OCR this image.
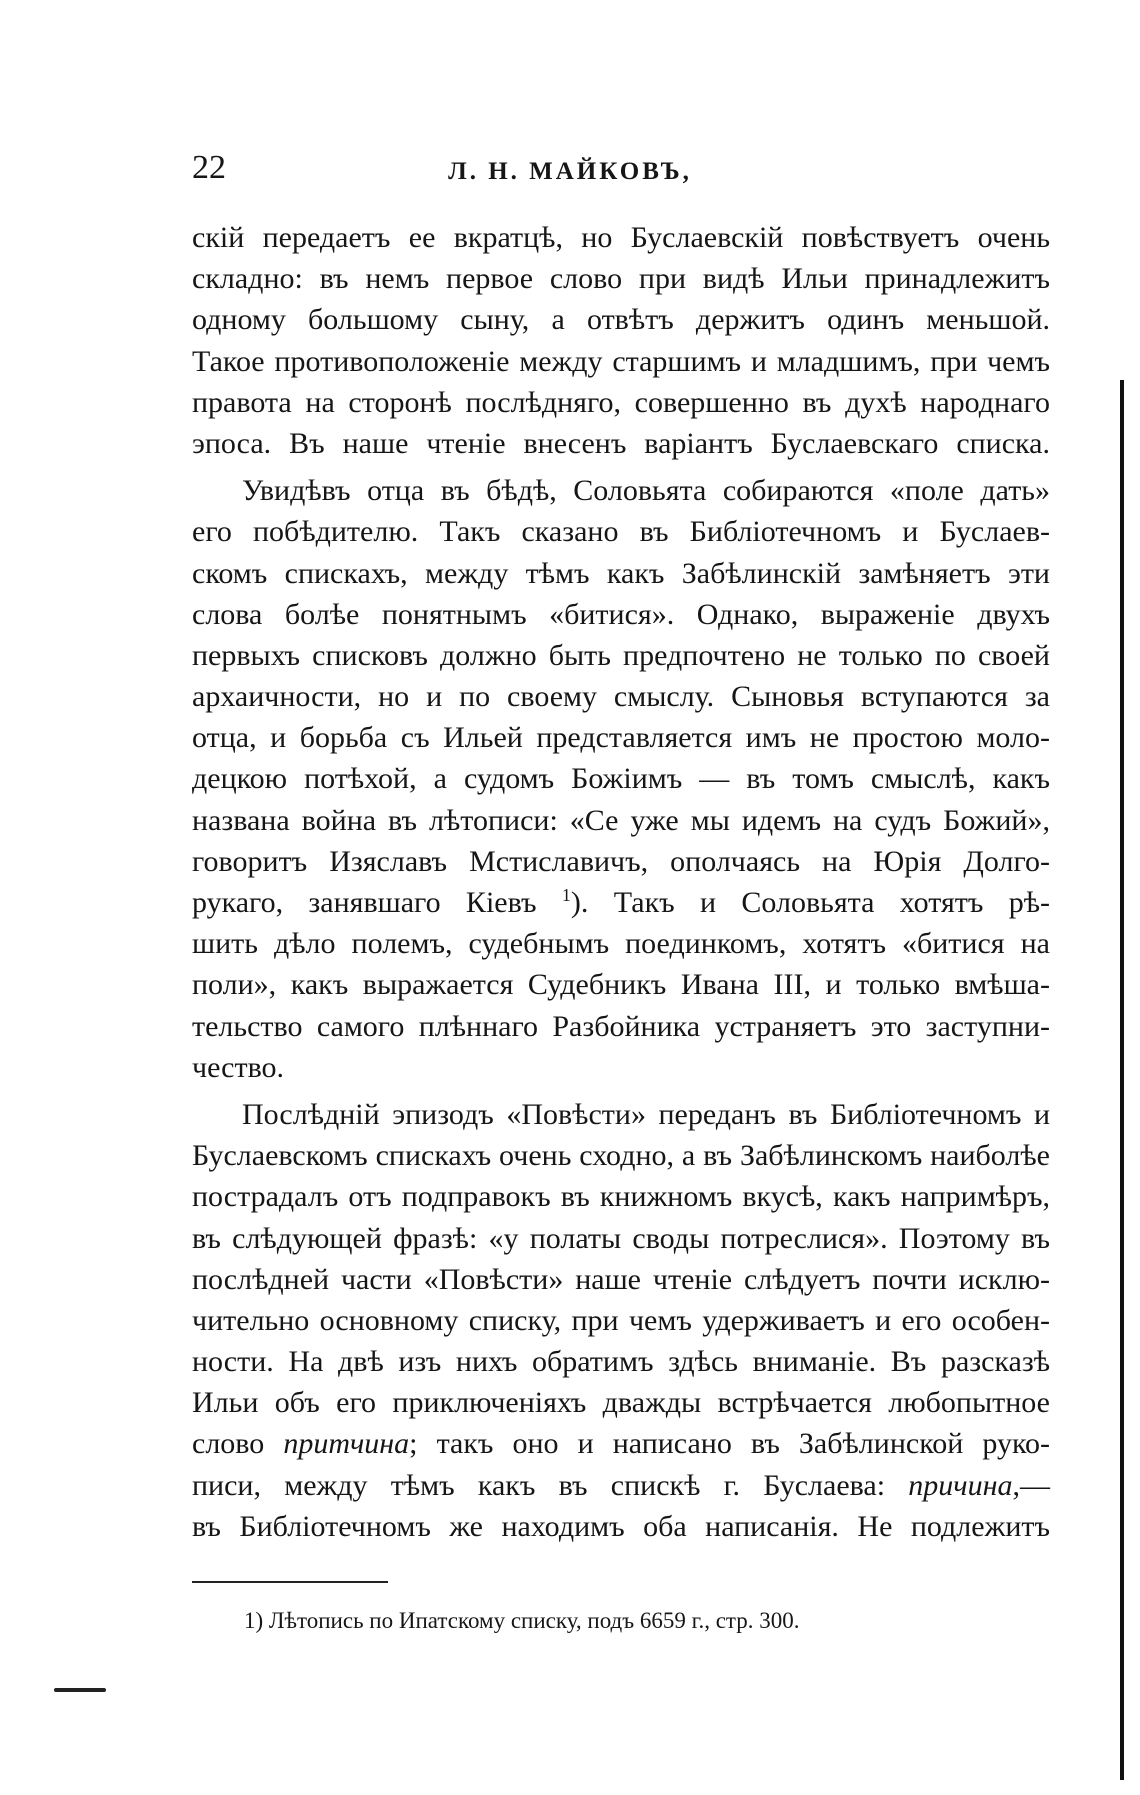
22	Л. Н. МАЙКОВЪ,
скій передаетъ ее вкратцѣ, но Буслаевскій повѣствуетъ очень
складно: въ немъ первое слово при видѣ Ильи принадлежитъ
одному большому сыну, а отвѣтъ держитъ одинъ меньшой.
Такое противоположеніе между старшимъ и младшимъ, при чемъ
правота на сторонѣ послѣдняго, совершенно въ духѣ народнаго
эпоса. Въ наше чтеніе внесенъ варіантъ Буслаевскаго списка.
Увидѣвъ отца въ бѣдѣ, Соловьята собираются «поле дать»
его побѣдителю. Такъ сказано въ Библіотечномъ и Буслаев-
скомъ спискахъ, между тѣмъ какъ Забѣлинскій замѣняетъ эти
слова болѣе понятнымъ «битися». Однако, выраженіе двухъ
первыхъ списковъ должно быть предпочтено не только по своей
архаичности, но и по своему смыслу. Сыновья вступаются за
отца, и борьба съ Ильей представляется имъ не простою моло-
децкою потѣхой, а судомъ Божіимъ — въ томъ смыслѣ, какъ
названа война въ лѣтописи: «Се уже мы идемъ на судъ Божий»,
говоритъ Изяславъ Мстиславичъ, ополчаясь на Юрія Долго-
рукаго, занявшаго Кіевъ $^1$). Такъ и Соловьята хотятъ рѣ-
шить дѣло полемъ, судебнымъ поединкомъ, хотятъ «битися на
поли», какъ выражается Судебникъ Ивана III, и только вмѣша-
тельство самого плѣннаго Разбойника устраняетъ это заступни-
чество.
Послѣдній эпизодъ «Повѣсти» переданъ въ Библіотечномъ и
Буслаевскомъ спискахъ очень сходно, а въ Забѣлинскомъ наиболѣе
пострадалъ отъ подправокъ въ книжномъ вкусѣ, какъ напримѣръ,
въ слѣдующей фразѣ: «у полаты своды потреслися». Поэтому въ
послѣдней части «Повѣсти» наше чтеніе слѣдуетъ почти исклю-
чительно основному списку, при чемъ удерживаетъ и его особен-
ности. На двѣ изъ нихъ обратимъ здѣсь вниманіе. Въ разсказѣ
Ильи объ его приключеніяхъ дважды встрѣчается любопытное
слово притчина; такъ оно и написано въ Забѣлинской руко-
писи, между тѣмъ какъ въ спискѣ г. Буслаева: причина,—
въ Библіотечномъ же находимъ оба написанія. Не подлежитъ
1) Лѣтопись по Ипатскому списку, подъ 6659 г., стр. 300.
